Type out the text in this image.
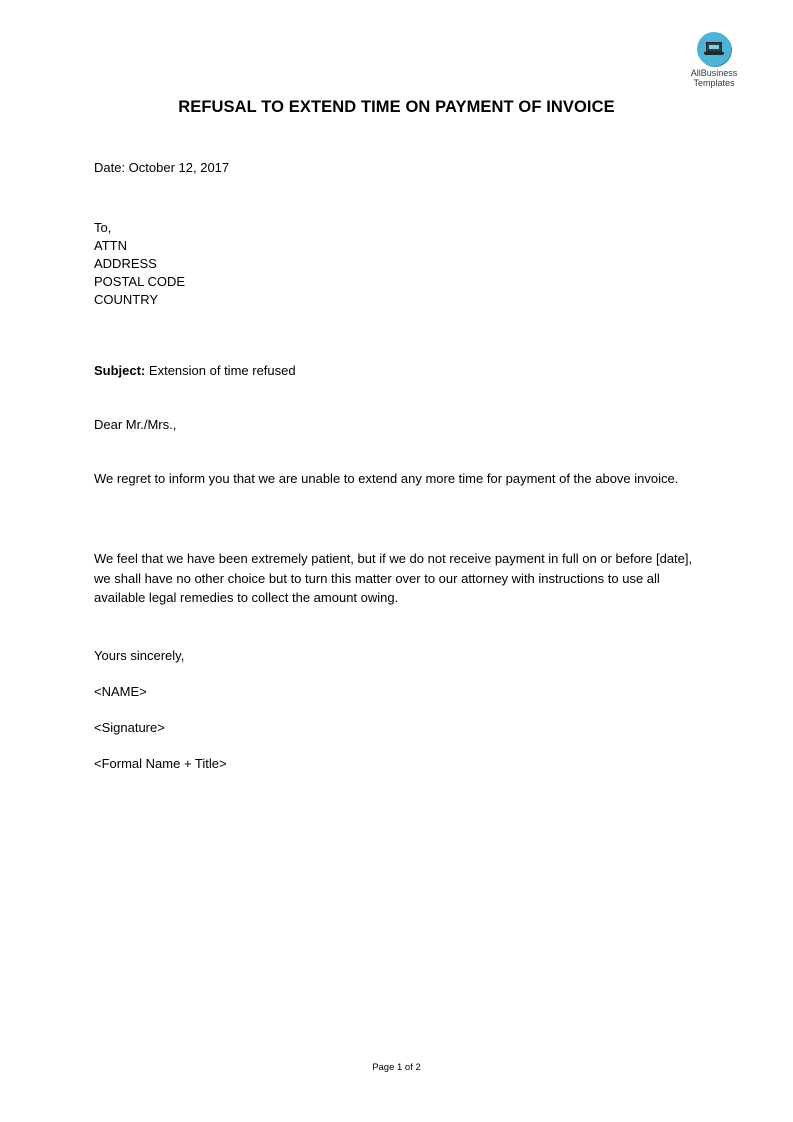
AllBusiness
Templates
REFUSAL TO EXTEND TIME ON PAYMENT OF INVOICE
Date: October 12, 2017
To,
ATTN
ADDRESS
POSTAL CODE
COUNTRY
Subject: Extension of time refused
Dear Mr./Mrs.,
We regret to inform you that we are unable to extend any more time for payment of the above invoice.
We feel that we have been extremely patient, but if we do not receive payment in full on or before [date], we shall have no other choice but to turn this matter over to our attorney with instructions to use all available legal remedies to collect the amount owing.
Yours sincerely,
<NAME>
<Signature>
<Formal Name + Title>
Page 1 of 2
